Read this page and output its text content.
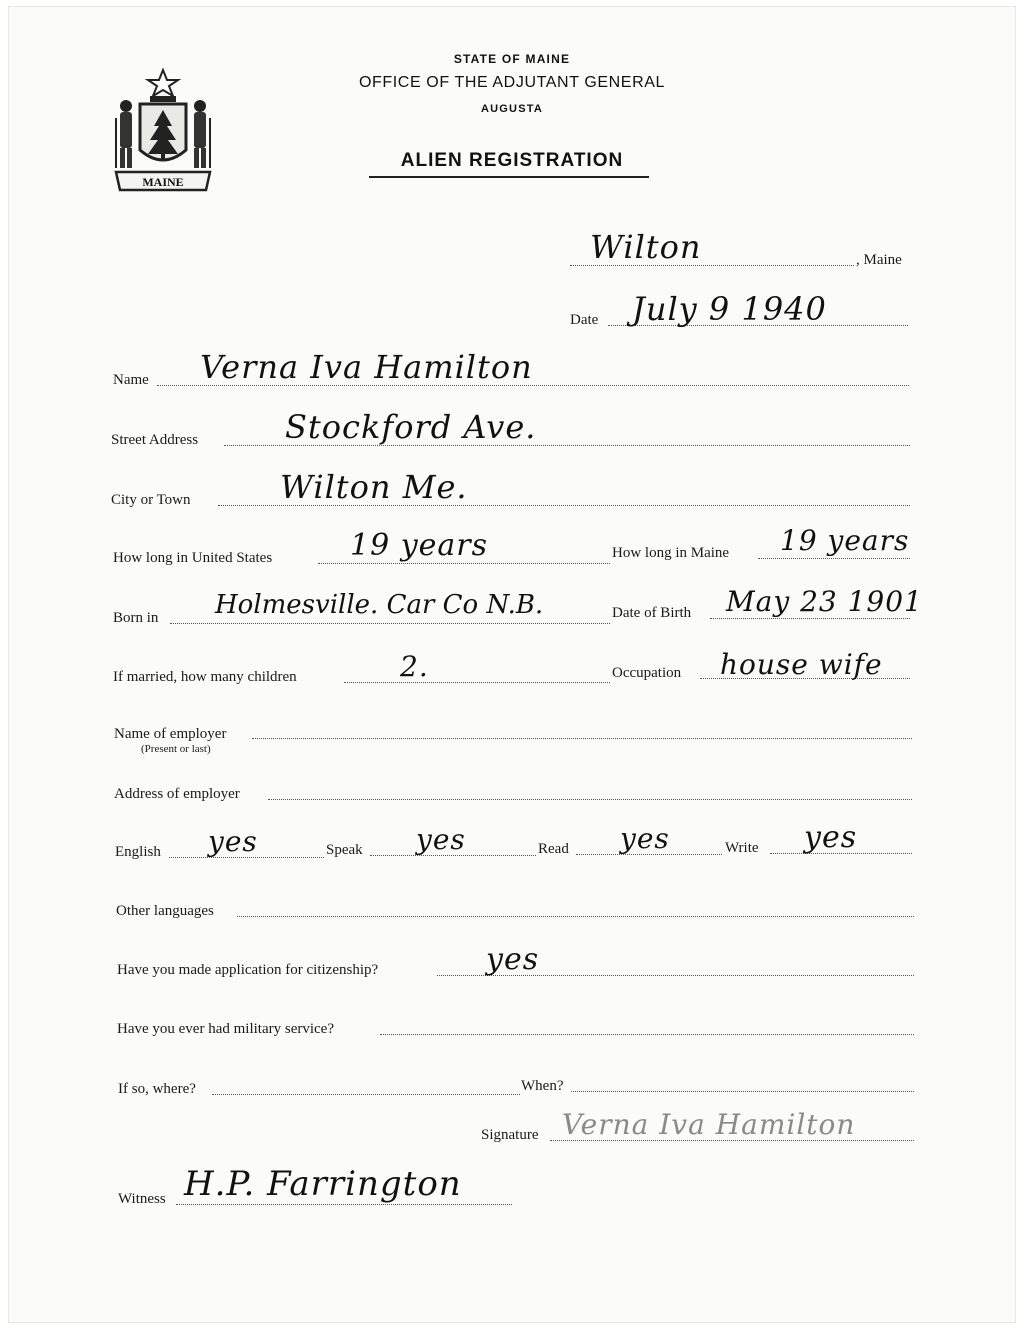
MAINE
STATE OF MAINE
OFFICE OF THE ADJUTANT GENERAL
AUGUSTA
ALIEN REGISTRATION
Wilton	, Maine
Date July 9 1940
Name Verna Iva Hamilton
Street Address	Stockford Ave.
City or Town	Wilton Me.
How long in United States	19 years	How long in Maine 19 years
Born in Holmesville. Car Co N.B.	Date of Birth May 23 1901
If married, how many children	2.	Occupation house wife
Name of employer
(Present or last)
Address of employer
English yes	Speak yes	Read yes	Write yes
Other languages
Have you made application for citizenship?	yes
Have you ever had military service?
If so, where?	When?
Signature Verna Iva Hamilton
Witness H.P. Farrington
